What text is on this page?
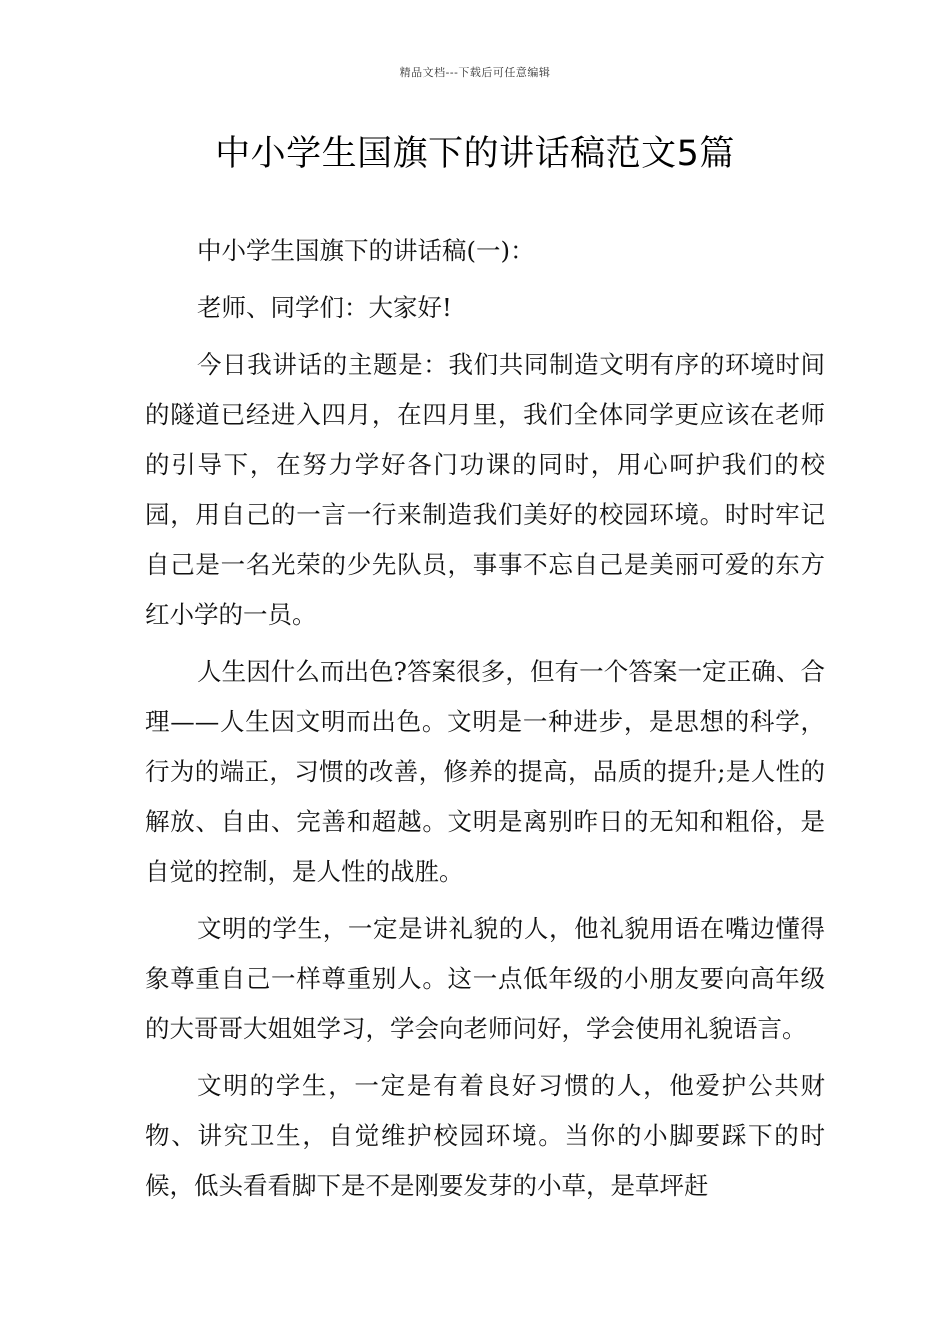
精品文档---下载后可任意编辑
中小学生国旗下的讲话稿范文5篇

中小学生国旗下的讲话稿(一)：

老师、同学们：大家好!

今日我讲话的主题是：我们共同制造文明有序的环境时间的隧道已经进入四月，在四月里，我们全体同学更应该在老师的引导下，在努力学好各门功课的同时，用心呵护我们的校园，用自己的一言一行来制造我们美好的校园环境。时时牢记自己是一名光荣的少先队员，事事不忘自己是美丽可爱的东方红小学的一员。

人生因什么而出色?答案很多，但有一个答案一定正确、合理——人生因文明而出色。文明是一种进步，是思想的科学，行为的端正，习惯的改善，修养的提高，品质的提升;是人性的解放、自由、完善和超越。文明是离别昨日的无知和粗俗，是自觉的控制，是人性的战胜。

文明的学生，一定是讲礼貌的人，他礼貌用语在嘴边懂得象尊重自己一样尊重别人。这一点低年级的小朋友要向高年级的大哥哥大姐姐学习，学会向老师问好，学会使用礼貌语言。

文明的学生，一定是有着良好习惯的人，他爱护公共财物、讲究卫生，自觉维护校园环境。当你的小脚要踩下的时候，低头看看脚下是不是刚要发芽的小草，是草坪赶
